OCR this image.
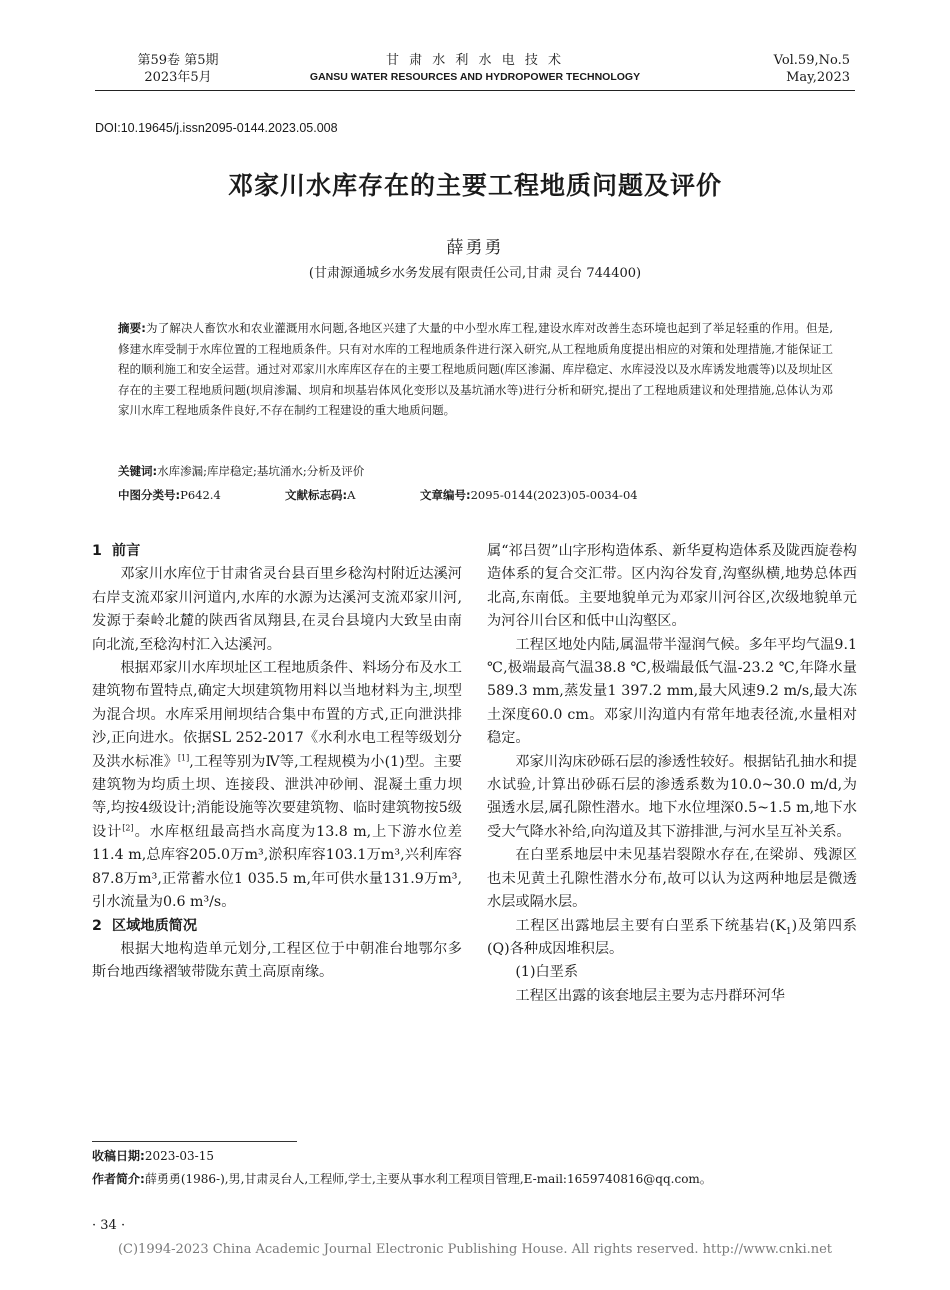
第59卷 第5期
2023年5月
甘 肃 水 利 水 电 技 术
GANSU WATER RESOURCES AND HYDROPOWER TECHNOLOGY
Vol.59,No.5
May,2023
DOI:10.19645/j.issn2095-0144.2023.05.008
邓家川水库存在的主要工程地质问题及评价
薛勇勇
(甘肃源通城乡水务发展有限责任公司,甘肃 灵台 744400)
摘要:为了解决人畜饮水和农业灌溉用水问题,各地区兴建了大量的中小型水库工程,建设水库对改善生态环境也起到了举足轻重的作用。但是,修建水库受制于水库位置的工程地质条件。只有对水库的工程地质条件进行深入研究,从工程地质角度提出相应的对策和处理措施,才能保证工程的顺利施工和安全运营。通过对邓家川水库库区存在的主要工程地质问题(库区渗漏、库岸稳定、水库浸没以及水库诱发地震等)以及坝址区存在的主要工程地质问题(坝肩渗漏、坝肩和坝基岩体风化变形以及基坑涌水等)进行分析和研究,提出了工程地质建议和处理措施,总体认为邓家川水库工程地质条件良好,不存在制约工程建设的重大地质问题。
关键词:水库渗漏;库岸稳定;基坑涌水;分析及评价
中图分类号:P642.4	文献标志码:A	文章编号:2095-0144(2023)05-0034-04
1 前言

邓家川水库位于甘肃省灵台县百里乡稔沟村附近达溪河右岸支流邓家川河道内,水库的水源为达溪河支流邓家川河,发源于秦岭北麓的陕西省凤翔县,在灵台县境内大致呈由南向北流,至稔沟村汇入达溪河。

根据邓家川水库坝址区工程地质条件、料场分布及水工建筑物布置特点,确定大坝建筑物用料以当地材料为主,坝型为混合坝。水库采用闸坝结合集中布置的方式,正向泄洪排沙,正向进水。依据SL 252-2017《水利水电工程等级划分及洪水标准》[1],工程等别为Ⅳ等,工程规模为小(1)型。主要建筑物为均质土坝、连接段、泄洪冲砂闸、混凝土重力坝等,均按4级设计;消能设施等次要建筑物、临时建筑物按5级设计[2]。水库枢纽最高挡水高度为13.8 m,上下游水位差11.4 m,总库容205.0万m³,淤积库容103.1万m³,兴利库容87.8万m³,正常蓄水位1 035.5 m,年可供水量131.9万m³,引水流量为0.6 m³/s。

2 区域地质简况

根据大地构造单元划分,工程区位于中朝准台地鄂尔多斯台地西缘褶皱带陇东黄土高原南缘。

属“祁吕贺”山字形构造体系、新华夏构造体系及陇西旋卷构造体系的复合交汇带。区内沟谷发育,沟壑纵横,地势总体西北高,东南低。主要地貌单元为邓家川河谷区,次级地貌单元为河谷川台区和低中山沟壑区。

工程区地处内陆,属温带半湿润气候。多年平均气温9.1 ℃,极端最高气温38.8 ℃,极端最低气温-23.2 ℃,年降水量589.3 mm,蒸发量1 397.2 mm,最大风速9.2 m/s,最大冻土深度60.0 cm。邓家川沟道内有常年地表径流,水量相对稳定。

邓家川沟床砂砾石层的渗透性较好。根据钻孔抽水和提水试验,计算出砂砾石层的渗透系数为10.0~30.0 m/d,为强透水层,属孔隙性潜水。地下水位埋深0.5~1.5 m,地下水受大气降水补给,向沟道及其下游排泄,与河水呈互补关系。

在白垩系地层中未见基岩裂隙水存在,在梁峁、残源区也未见黄土孔隙性潜水分布,故可以认为这两种地层是微透水层或隔水层。

工程区出露地层主要有白垩系下统基岩$(K_1)$及第四系(Q)各种成因堆积层。

(1)白垩系

工程区出露的该套地层主要为志丹群环河华

收稿日期:2023-03-15
作者简介:薛勇勇(1986-),男,甘肃灵台人,工程师,学士,主要从事水利工程项目管理,E-mail:1659740816@qq.com。
· 34 ·
(C)1994-2023 China Academic Journal Electronic Publishing House. All rights reserved. http://www.cnki.net
